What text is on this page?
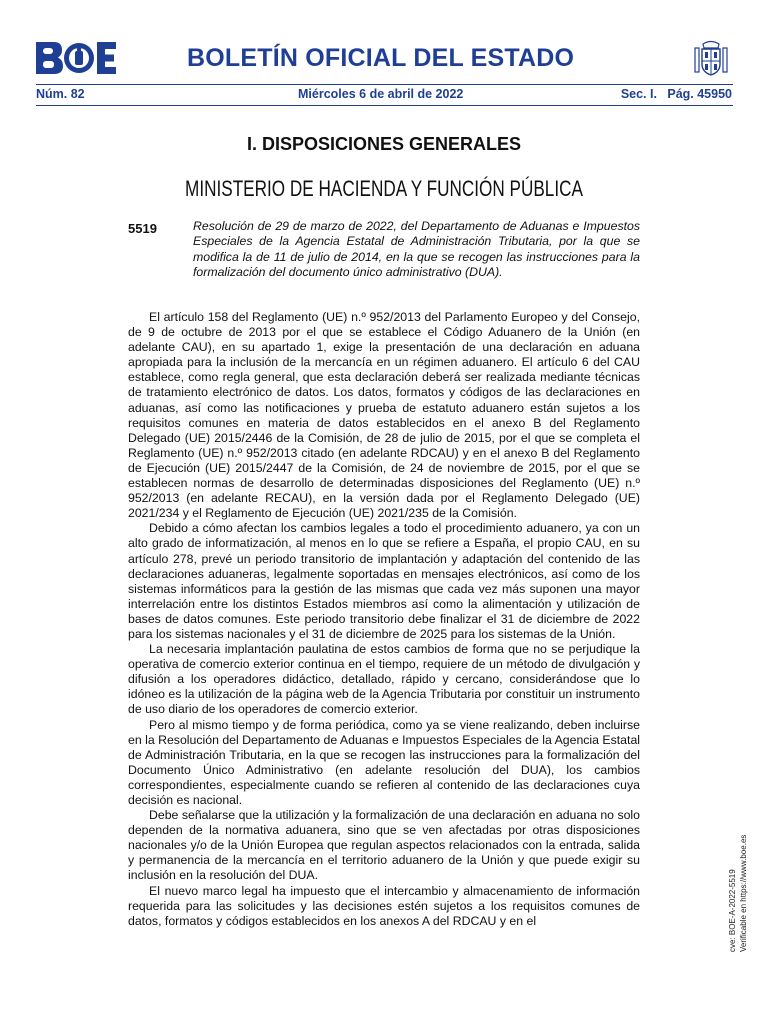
BOLETÍN OFICIAL DEL ESTADO
Núm. 82	Miércoles 6 de abril de 2022	Sec. I.   Pág. 45950
I. DISPOSICIONES GENERALES
MINISTERIO DE HACIENDA Y FUNCIÓN PÚBLICA
5519	Resolución de 29 de marzo de 2022, del Departamento de Aduanas e Impuestos Especiales de la Agencia Estatal de Administración Tributaria, por la que se modifica la de 11 de julio de 2014, en la que se recogen las instrucciones para la formalización del documento único administrativo (DUA).

El artículo 158 del Reglamento (UE) n.º 952/2013 del Parlamento Europeo y del Consejo, de 9 de octubre de 2013 por el que se establece el Código Aduanero de la Unión (en adelante CAU), en su apartado 1, exige la presentación de una declaración en aduana apropiada para la inclusión de la mercancía en un régimen aduanero. El artículo 6 del CAU establece, como regla general, que esta declaración deberá ser realizada mediante técnicas de tratamiento electrónico de datos. Los datos, formatos y códigos de las declaraciones en aduanas, así como las notificaciones y prueba de estatuto aduanero están sujetos a los requisitos comunes en materia de datos establecidos en el anexo B del Reglamento Delegado (UE) 2015/2446 de la Comisión, de 28 de julio de 2015, por el que se completa el Reglamento (UE) n.º 952/2013 citado (en adelante RDCAU) y en el anexo B del Reglamento de Ejecución (UE) 2015/2447 de la Comisión, de 24 de noviembre de 2015, por el que se establecen normas de desarrollo de determinadas disposiciones del Reglamento (UE) n.º 952/2013 (en adelante RECAU), en la versión dada por el Reglamento Delegado (UE) 2021/234 y el Reglamento de Ejecución (UE) 2021/235 de la Comisión.

Debido a cómo afectan los cambios legales a todo el procedimiento aduanero, ya con un alto grado de informatización, al menos en lo que se refiere a España, el propio CAU, en su artículo 278, prevé un periodo transitorio de implantación y adaptación del contenido de las declaraciones aduaneras, legalmente soportadas en mensajes electrónicos, así como de los sistemas informáticos para la gestión de las mismas que cada vez más suponen una mayor interrelación entre los distintos Estados miembros así como la alimentación y utilización de bases de datos comunes. Este periodo transitorio debe finalizar el 31 de diciembre de 2022 para los sistemas nacionales y el 31 de diciembre de 2025 para los sistemas de la Unión.

La necesaria implantación paulatina de estos cambios de forma que no se perjudique la operativa de comercio exterior continua en el tiempo, requiere de un método de divulgación y difusión a los operadores didáctico, detallado, rápido y cercano, considerándose que lo idóneo es la utilización de la página web de la Agencia Tributaria por constituir un instrumento de uso diario de los operadores de comercio exterior.

Pero al mismo tiempo y de forma periódica, como ya se viene realizando, deben incluirse en la Resolución del Departamento de Aduanas e Impuestos Especiales de la Agencia Estatal de Administración Tributaria, en la que se recogen las instrucciones para la formalización del Documento Único Administrativo (en adelante resolución del DUA), los cambios correspondientes, especialmente cuando se refieren al contenido de las declaraciones cuya decisión es nacional.

Debe señalarse que la utilización y la formalización de una declaración en aduana no solo dependen de la normativa aduanera, sino que se ven afectadas por otras disposiciones nacionales y/o de la Unión Europea que regulan aspectos relacionados con la entrada, salida y permanencia de la mercancía en el territorio aduanero de la Unión y que puede exigir su inclusión en la resolución del DUA.

El nuevo marco legal ha impuesto que el intercambio y almacenamiento de información requerida para las solicitudes y las decisiones estén sujetos a los requisitos comunes de datos, formatos y códigos establecidos en los anexos A del RDCAU y en el	cve: BOE-A-2022-5519 Verificable en https://www.boe.es
